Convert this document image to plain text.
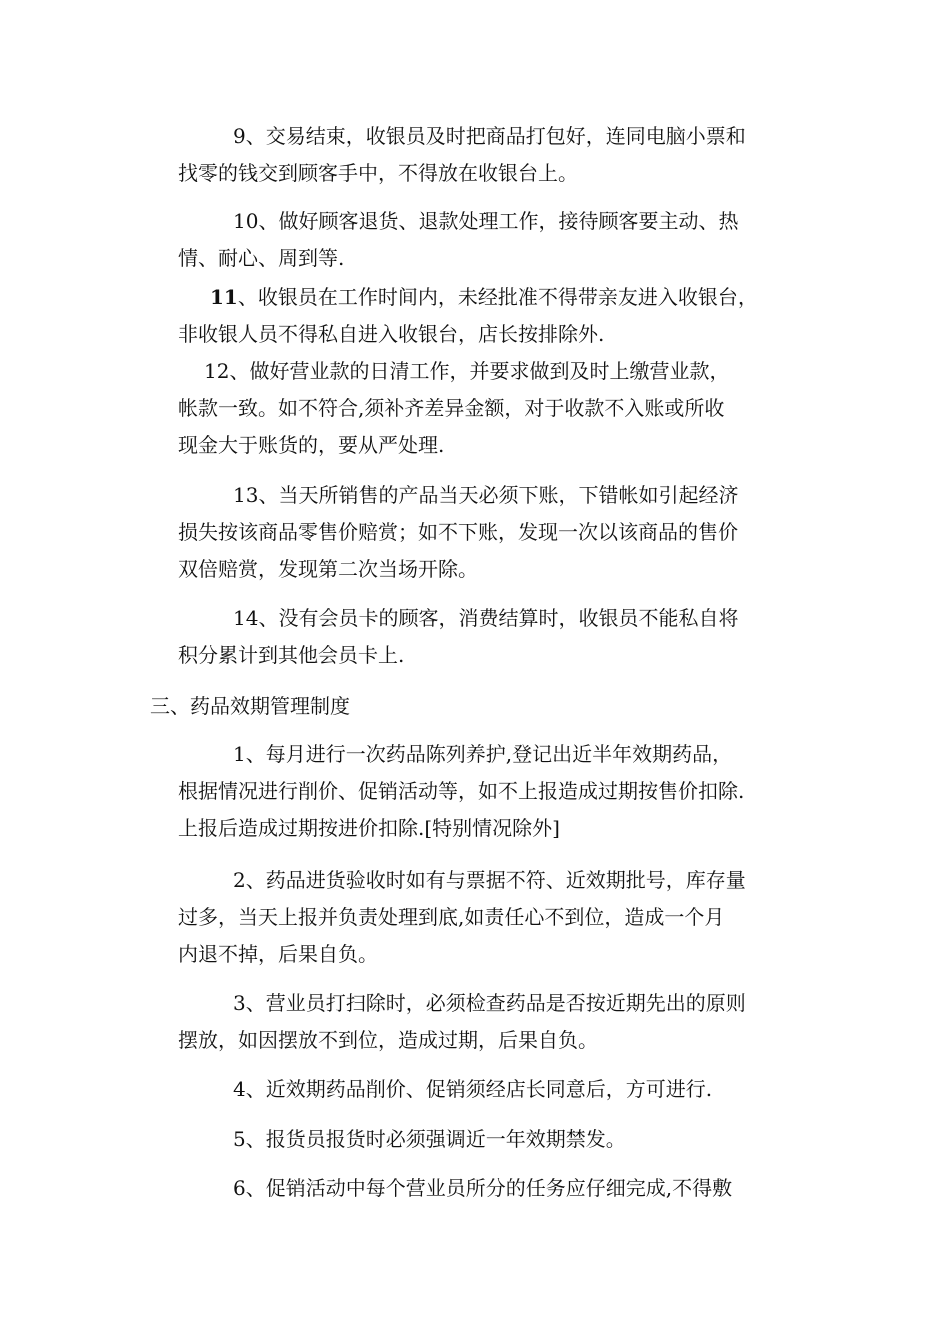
9、交易结束，收银员及时把商品打包好，连同电脑小票和
找零的钱交到顾客手中，不得放在收银台上。
10、做好顾客退货、退款处理工作，接待顾客要主动、热
情、耐心、周到等.
11、收银员在工作时间内，未经批准不得带亲友进入收银台，
非收银人员不得私自进入收银台，店长按排除外.
12、做好营业款的日清工作，并要求做到及时上缴营业款，
帐款一致。如不符合,须补齐差异金额，对于收款不入账或所收
现金大于账货的，要从严处理.
13、当天所销售的产品当天必须下账，下错帐如引起经济
损失按该商品零售价赔赏；如不下账，发现一次以该商品的售价
双倍赔赏，发现第二次当场开除。
14、没有会员卡的顾客，消费结算时，收银员不能私自将
积分累计到其他会员卡上.
三、药品效期管理制度
1、每月进行一次药品陈列养护,登记出近半年效期药品，
根据情况进行削价、促销活动等，如不上报造成过期按售价扣除.
上报后造成过期按进价扣除.[特别情况除外]
2、药品进货验收时如有与票据不符、近效期批号，库存量
过多，当天上报并负责处理到底,如责任心不到位，造成一个月
内退不掉，后果自负。
3、营业员打扫除时，必须检查药品是否按近期先出的原则
摆放，如因摆放不到位，造成过期，后果自负。
4、近效期药品削价、促销须经店长同意后，方可进行.
5、报货员报货时必须强调近一年效期禁发。
6、促销活动中每个营业员所分的任务应仔细完成,不得敷
